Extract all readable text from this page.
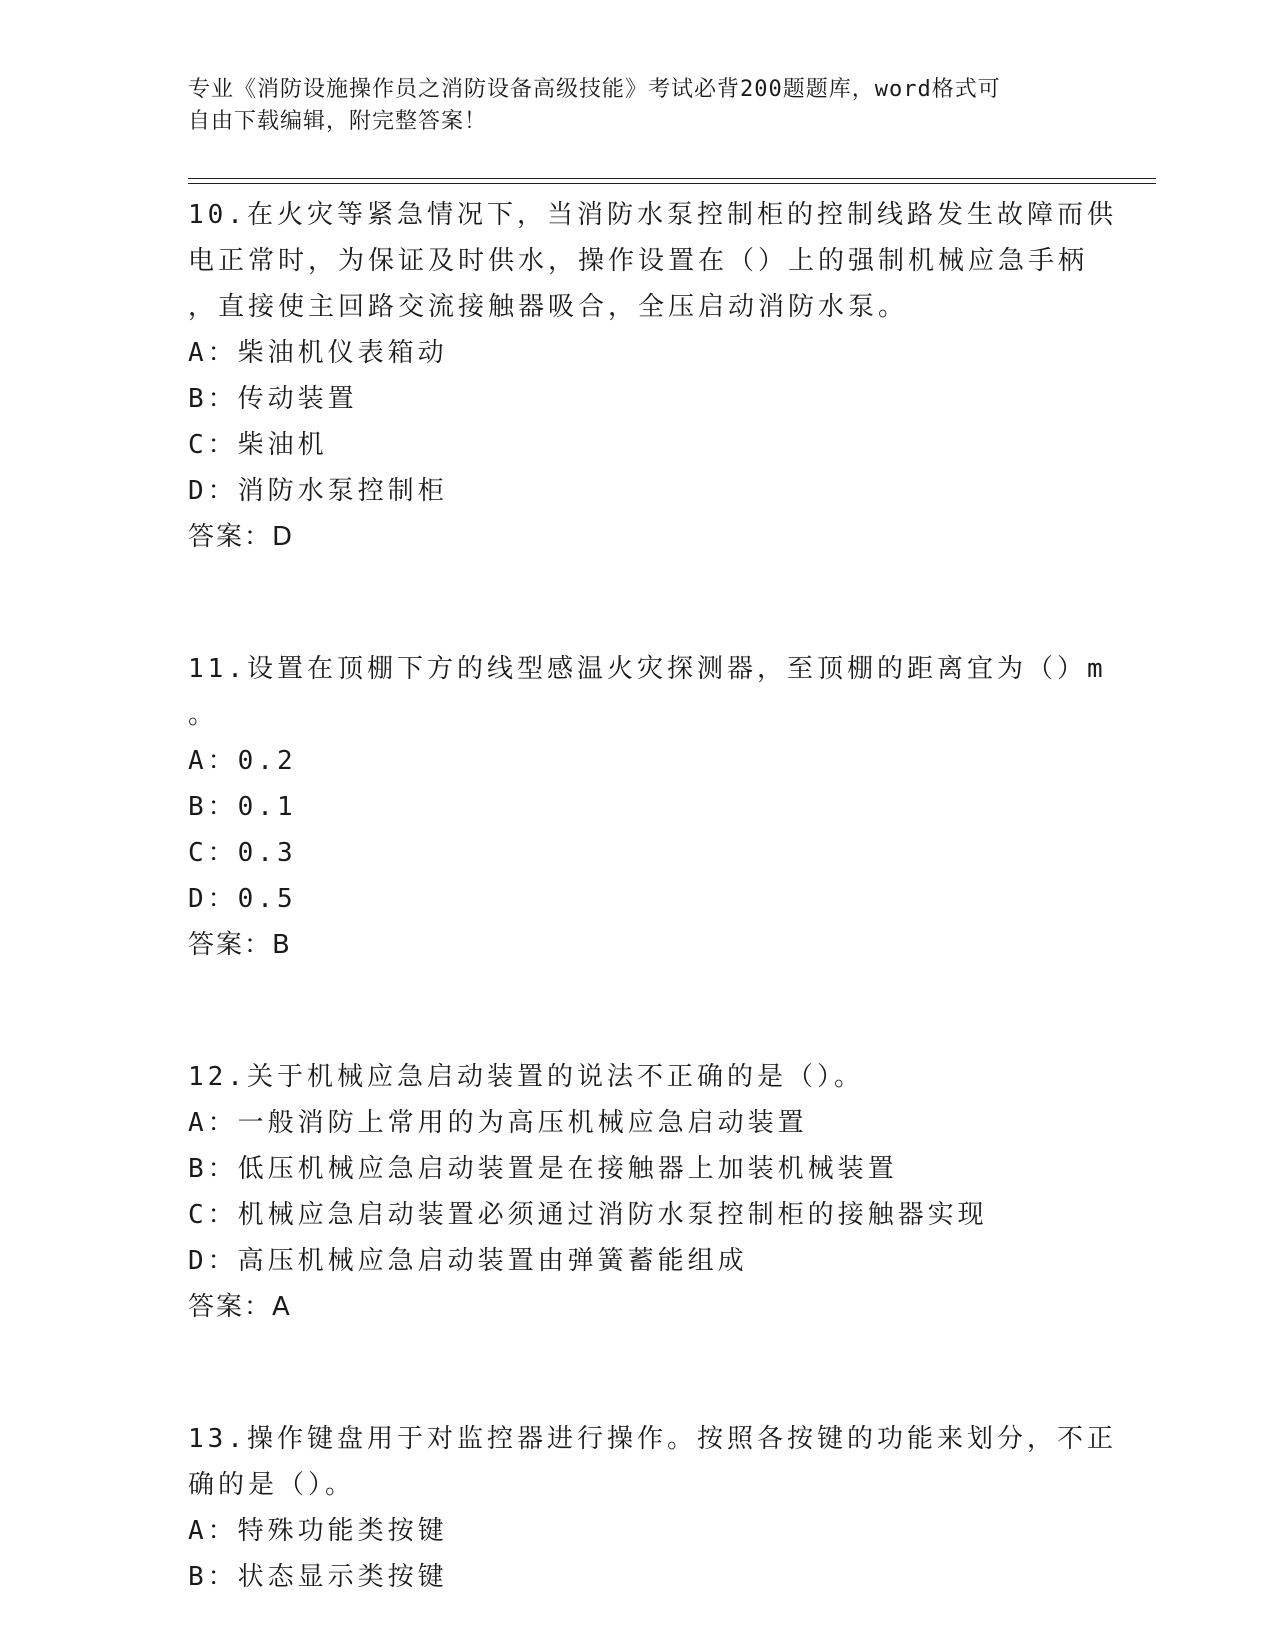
专业《消防设施操作员之消防设备高级技能》考试必背200题题库，word格式可
自由下载编辑，附完整答案！
10.在火灾等紧急情况下，当消防水泵控制柜的控制线路发生故障而供
电正常时，为保证及时供水，操作设置在（）上的强制机械应急手柄
，直接使主回路交流接触器吸合，全压启动消防水泵。
A：柴油机仪表箱动
B：传动装置
C：柴油机
D：消防水泵控制柜
答案：D
11.设置在顶棚下方的线型感温火灾探测器，至顶棚的距离宜为（）m
。
A：0.2
B：0.1
C：0.3
D：0.5
答案：B
12.关于机械应急启动装置的说法不正确的是（）。
A：一般消防上常用的为高压机械应急启动装置
B：低压机械应急启动装置是在接触器上加装机械装置
C：机械应急启动装置必须通过消防水泵控制柜的接触器实现
D：高压机械应急启动装置由弹簧蓄能组成
答案：A
13.操作键盘用于对监控器进行操作。按照各按键的功能来划分，不正
确的是（）。
A：特殊功能类按键
B：状态显示类按键
